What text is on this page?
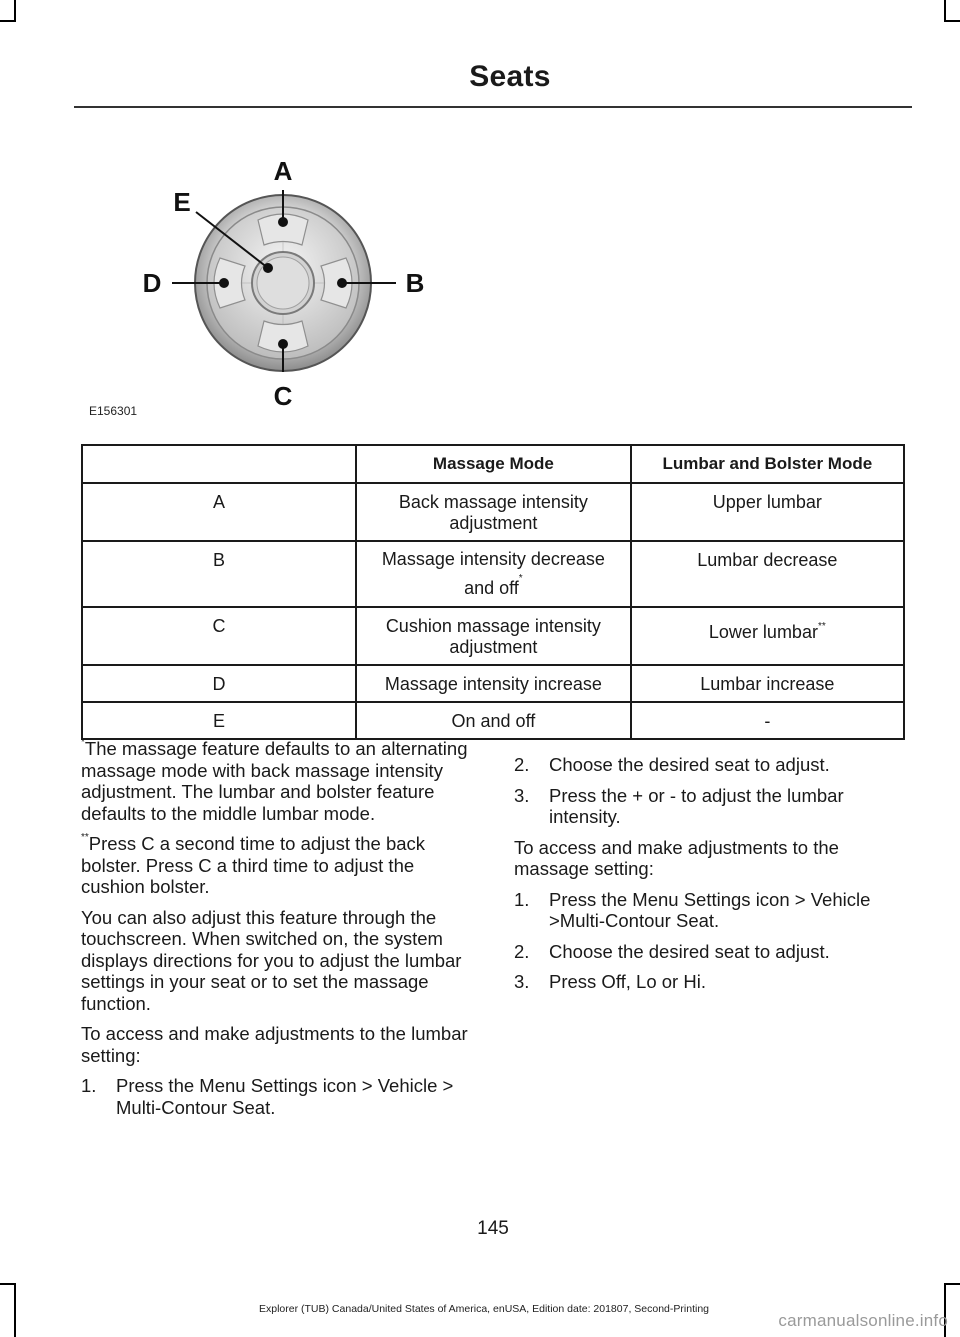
Seats
A
B
C
D
E
E156301
	Massage Mode	Lumbar and Bolster Mode
A	Back massage intensity adjustment	Upper lumbar
B	Massage intensity decrease and off*	Lumbar decrease
C	Cushion massage intensity adjustment	Lower lumbar**
D	Massage intensity increase	Lumbar increase
E	On and off	-

*The massage feature defaults to an alternating massage mode with back massage intensity adjustment. The lumbar and bolster feature defaults to the middle lumbar mode.

**Press C a second time to adjust the back bolster. Press C a third time to adjust the cushion bolster.

You can also adjust this feature through the touchscreen. When switched on, the system displays directions for you to adjust the lumbar settings in your seat or to set the massage function.

To access and make adjustments to the lumbar setting:

1.	Press the Menu Settings icon > Vehicle > Multi-Contour Seat.
2.	Choose the desired seat to adjust.
3.	Press the + or - to adjust the lumbar intensity.

To access and make adjustments to the massage setting:

1.	Press the Menu Settings icon > Vehicle >Multi-Contour Seat.
2.	Choose the desired seat to adjust.
3.	Press Off, Lo or Hi.
145
Explorer (TUB) Canada/United States of America, enUSA, Edition date: 201807, Second-Printing
carmanualsonline.info
